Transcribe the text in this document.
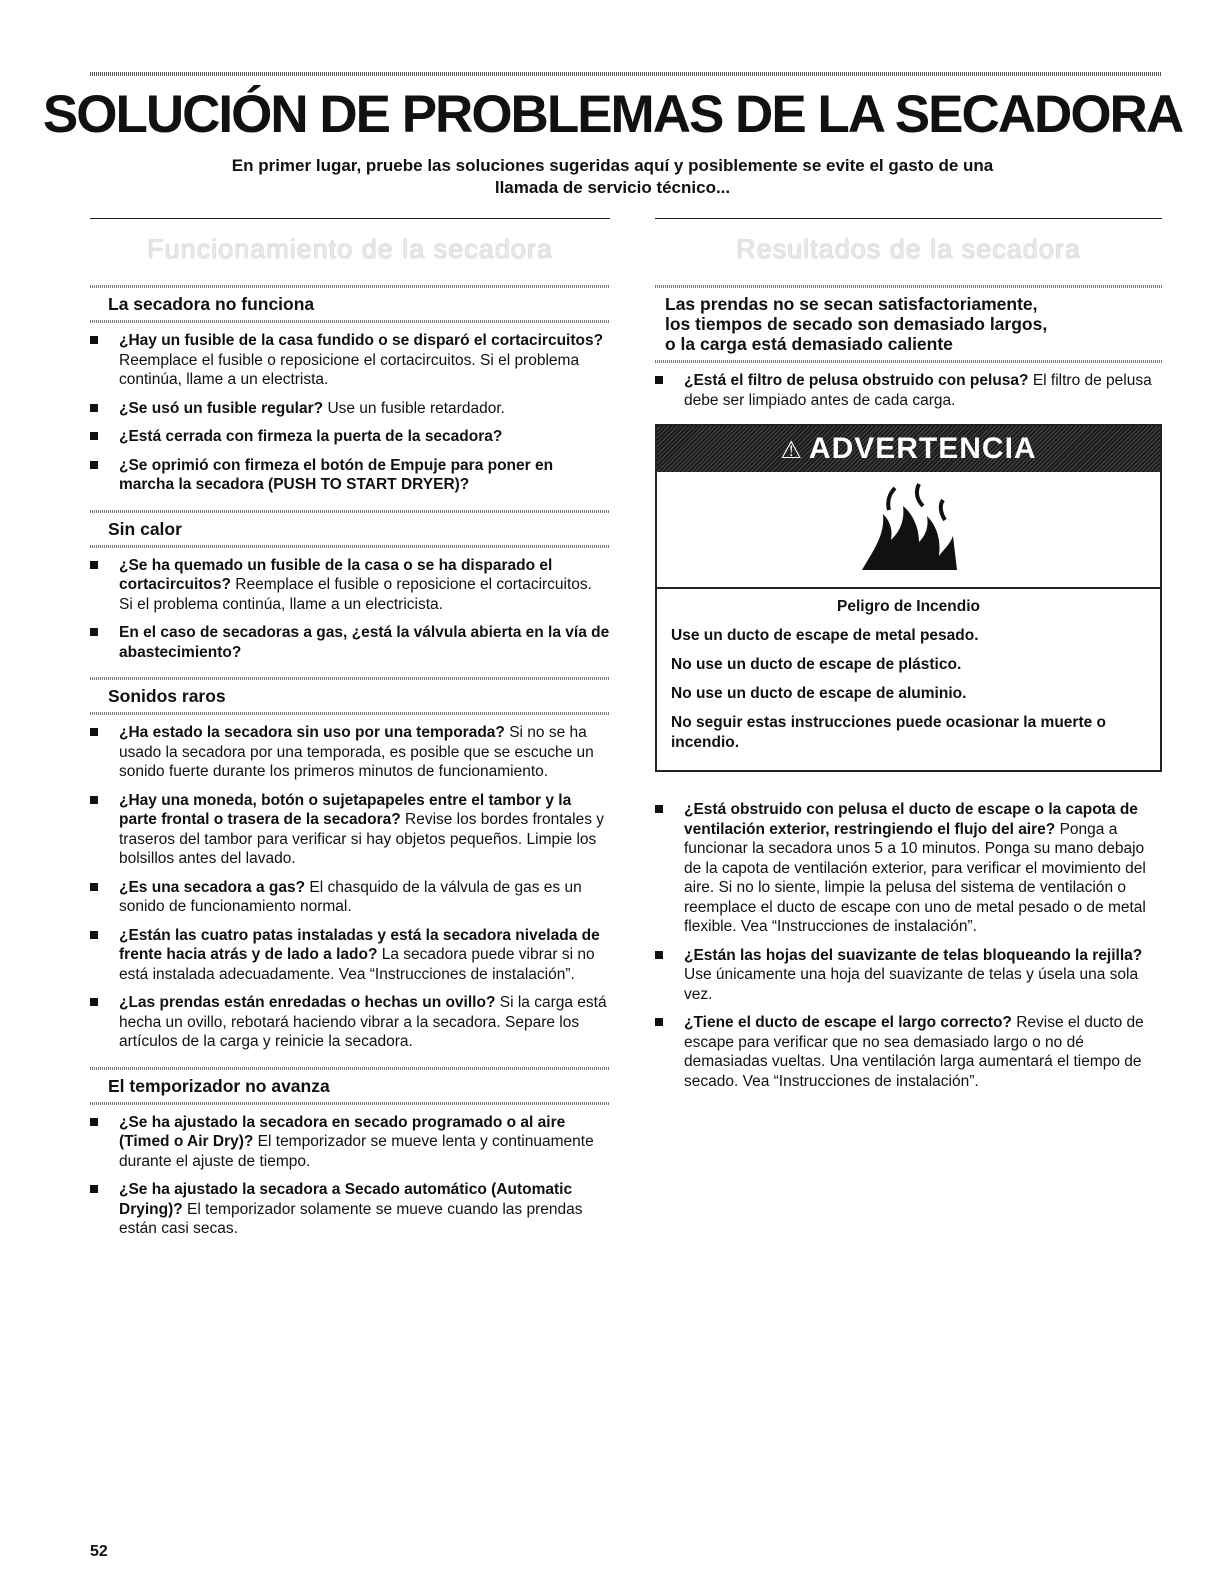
SOLUCIÓN DE PROBLEMAS DE LA SECADORA

En primer lugar, pruebe las soluciones sugeridas aquí y posiblemente se evite el gasto de una
llamada de servicio técnico...

Funcionamiento de la secadora
La secadora no funciona
¿Hay un fusible de la casa fundido o se disparó el cortacircuitos? Reemplace el fusible o reposicione el cortacircuitos. Si el problema continúa, llame a un electrista.
¿Se usó un fusible regular? Use un fusible retardador.
¿Está cerrada con firmeza la puerta de la secadora?
¿Se oprimió con firmeza el botón de Empuje para poner en marcha la secadora (PUSH TO START DRYER)?
Sin calor
¿Se ha quemado un fusible de la casa o se ha disparado el cortacircuitos? Reemplace el fusible o reposicione el cortacircuitos. Si el problema continúa, llame a un electricista.
En el caso de secadoras a gas, ¿está la válvula abierta en la vía de abastecimiento?
Sonidos raros
¿Ha estado la secadora sin uso por una temporada? Si no se ha usado la secadora por una temporada, es posible que se escuche un sonido fuerte durante los primeros minutos de funcionamiento.
¿Hay una moneda, botón o sujetapapeles entre el tambor y la parte frontal o trasera de la secadora? Revise los bordes frontales y traseros del tambor para verificar si hay objetos pequeños. Limpie los bolsillos antes del lavado.
¿Es una secadora a gas? El chasquido de la válvula de gas es un sonido de funcionamiento normal.
¿Están las cuatro patas instaladas y está la secadora nivelada de frente hacia atrás y de lado a lado? La secadora puede vibrar si no está instalada adecuadamente. Vea “Instrucciones de instalación”.
¿Las prendas están enredadas o hechas un ovillo? Si la carga está hecha un ovillo, rebotará haciendo vibrar a la secadora. Separe los artículos de la carga y reinicie la secadora.
El temporizador no avanza
¿Se ha ajustado la secadora en secado programado o al aire (Timed o Air Dry)? El temporizador se mueve lenta y continuamente durante el ajuste de tiempo.
¿Se ha ajustado la secadora a Secado automático (Automatic Drying)? El temporizador solamente se mueve cuando las prendas están casi secas.
Resultados de la secadora
Las prendas no se secan satisfactoriamente,
los tiempos de secado son demasiado largos,
o la carga está demasiado caliente
¿Está el filtro de pelusa obstruido con pelusa? El filtro de pelusa debe ser limpiado antes de cada carga.
⚠ ADVERTENCIA

Peligro de Incendio

Use un ducto de escape de metal pesado.

No use un ducto de escape de plástico.

No use un ducto de escape de aluminio.

No seguir estas instrucciones puede ocasionar la muerte o incendio.

¿Está obstruido con pelusa el ducto de escape o la capota de ventilación exterior, restringiendo el flujo del aire? Ponga a funcionar la secadora unos 5 a 10 minutos. Ponga su mano debajo de la capota de ventilación exterior, para verificar el movimiento del aire. Si no lo siente, limpie la pelusa del sistema de ventilación o reemplace el ducto de escape con uno de metal pesado o de metal flexible. Vea “Instrucciones de instalación”.
¿Están las hojas del suavizante de telas bloqueando la rejilla? Use únicamente una hoja del suavizante de telas y úsela una sola vez.
¿Tiene el ducto de escape el largo correcto? Revise el ducto de escape para verificar que no sea demasiado largo o no dé demasiadas vueltas. Una ventilación larga aumentará el tiempo de secado. Vea “Instrucciones de instalación”.

52
